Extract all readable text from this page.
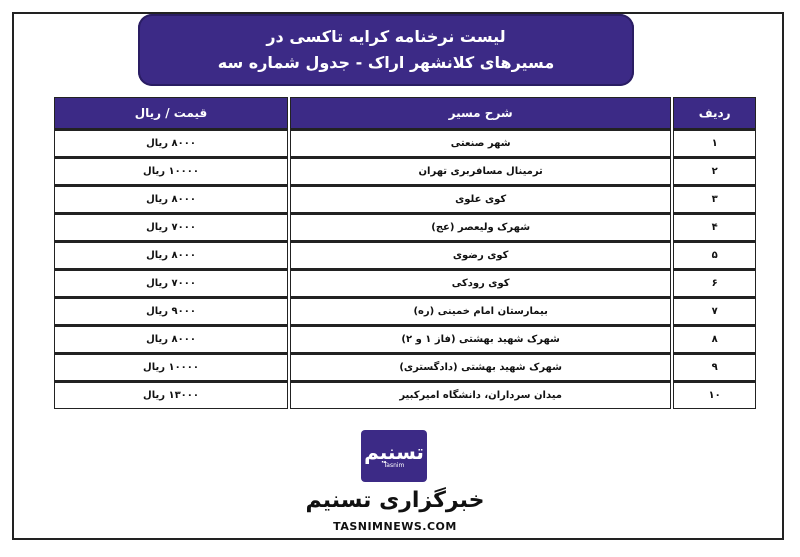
لیست نرخنامه کرایه تاکسی در
مسیرهای کلانشهر اراک - جدول شماره سه
ردیف	شرح مسیر	قیمت / ریال
۱	شهر صنعتی	۸۰۰۰ ریال
۲	ترمینال مسافربری تهران	۱۰۰۰۰ ریال
۳	کوی علوی	۸۰۰۰ ریال
۴	شهرک ولیعصر (عج)	۷۰۰۰ ریال
۵	کوی رضوی	۸۰۰۰ ریال
۶	کوی رودکی	۷۰۰۰ ریال
۷	بیمارستان امام خمینی (ره)	۹۰۰۰ ریال
۸	شهرک شهید بهشتی (فاز ۱ و ۲)	۸۰۰۰ ریال
۹	شهرک شهید بهشتی (دادگستری)	۱۰۰۰۰ ریال
۱۰	میدان سرداران، دانشگاه امیرکبیر	۱۳۰۰۰ ریال
تسنیم
Tasnim
خبرگزاری تسنیم
TASNIMNEWS.COM
